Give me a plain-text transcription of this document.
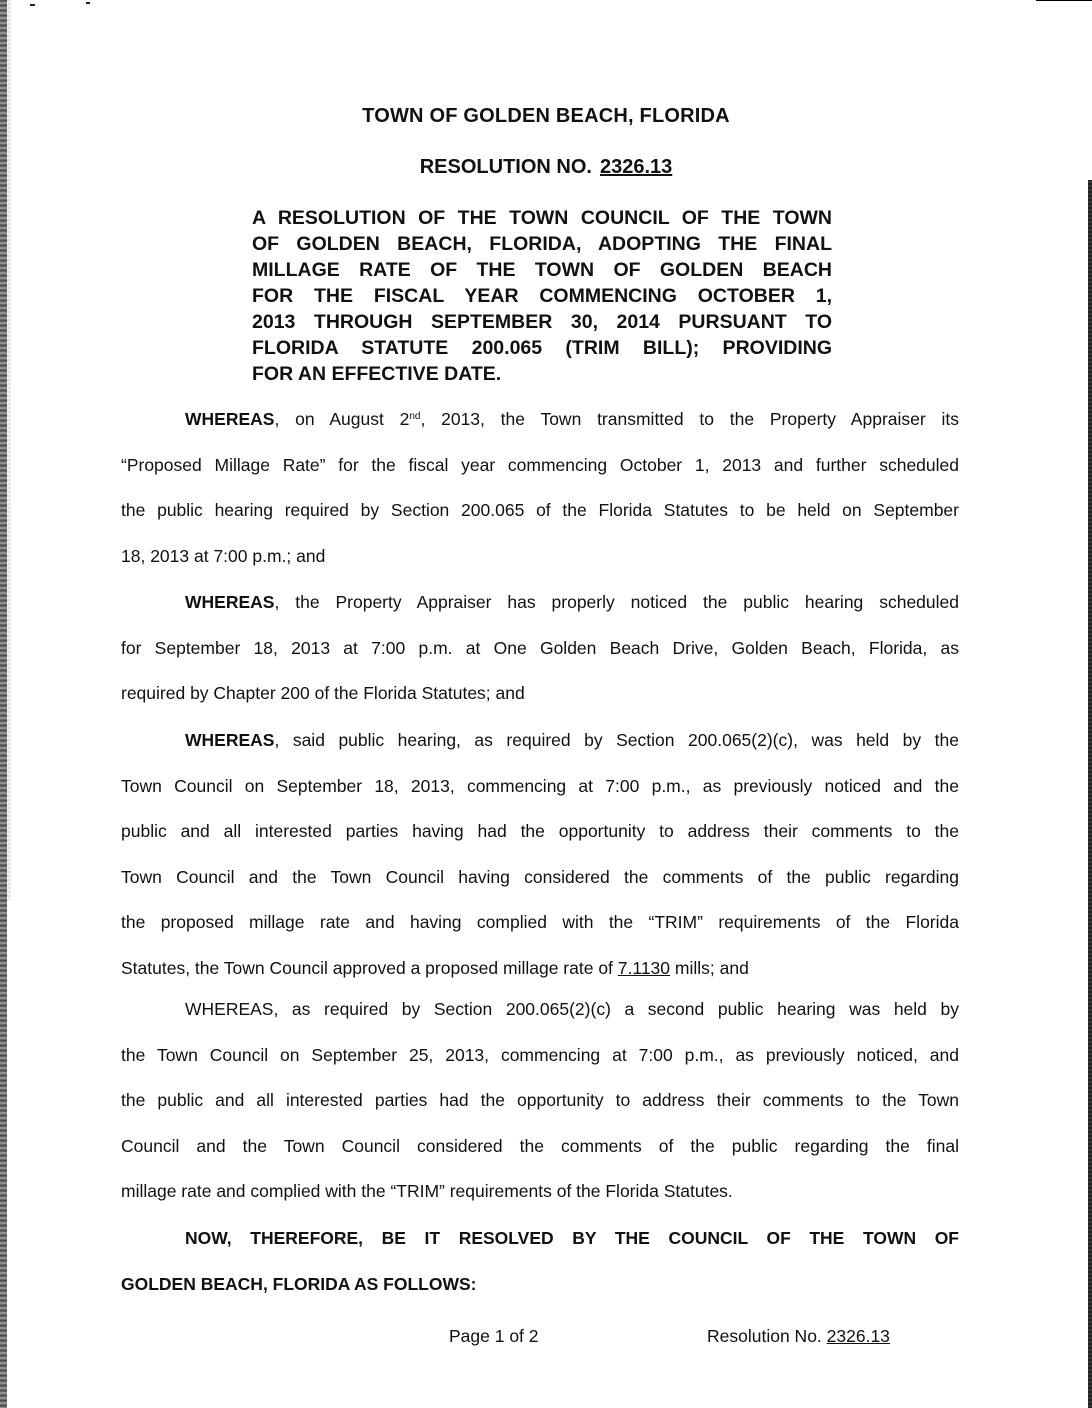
TOWN OF GOLDEN BEACH, FLORIDA
RESOLUTION NO. 2326.13
A RESOLUTION OF THE TOWN COUNCIL OF THE TOWN
OF GOLDEN BEACH, FLORIDA, ADOPTING THE FINAL
MILLAGE RATE OF THE TOWN OF GOLDEN BEACH
FOR THE FISCAL YEAR COMMENCING OCTOBER 1,
2013 THROUGH SEPTEMBER 30, 2014 PURSUANT TO
FLORIDA STATUTE 200.065 (TRIM BILL); PROVIDING
FOR AN EFFECTIVE DATE.
WHEREAS, on August 2nd, 2013, the Town transmitted to the Property Appraiser its
“Proposed Millage Rate” for the fiscal year commencing October 1, 2013 and further scheduled
the public hearing required by Section 200.065 of the Florida Statutes to be held on September
18, 2013 at 7:00 p.m.; and
WHEREAS, the Property Appraiser has properly noticed the public hearing scheduled
for September 18, 2013 at 7:00 p.m. at One Golden Beach Drive, Golden Beach, Florida, as
required by Chapter 200 of the Florida Statutes; and
WHEREAS, said public hearing, as required by Section 200.065(2)(c), was held by the
Town Council on September 18, 2013, commencing at 7:00 p.m., as previously noticed and the
public and all interested parties having had the opportunity to address their comments to the
Town Council and the Town Council having considered the comments of the public regarding
the proposed millage rate and having complied with the “TRIM” requirements of the Florida
Statutes, the Town Council approved a proposed millage rate of 7.1130 mills; and
WHEREAS, as required by Section 200.065(2)(c) a second public hearing was held by
the Town Council on September 25, 2013, commencing at 7:00 p.m., as previously noticed, and
the public and all interested parties had the opportunity to address their comments to the Town
Council and the Town Council considered the comments of the public regarding the final
millage rate and complied with the “TRIM” requirements of the Florida Statutes.
NOW, THEREFORE, BE IT RESOLVED BY THE COUNCIL OF THE TOWN OF
GOLDEN BEACH, FLORIDA AS FOLLOWS:
Page 1 of 2	Resolution No. 2326.13
